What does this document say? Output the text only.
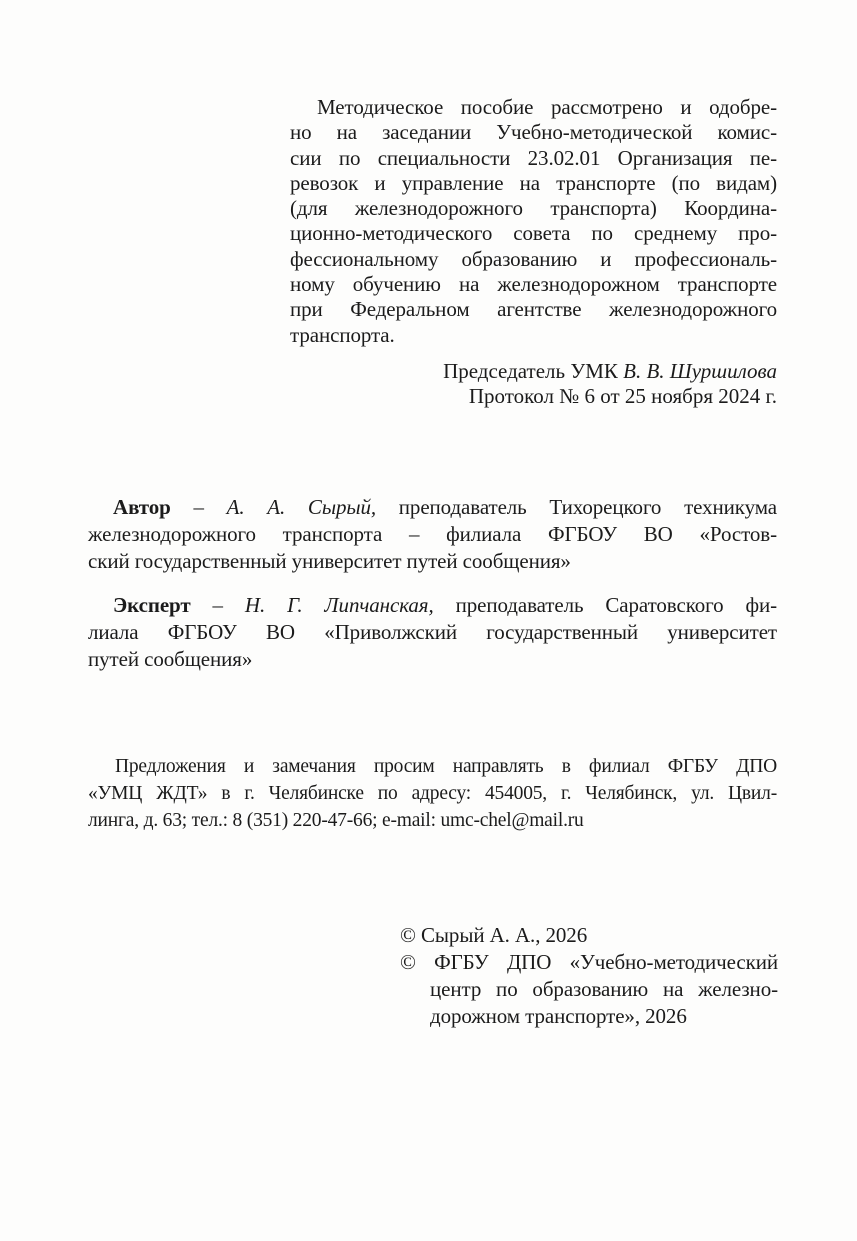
Методическое пособие рассмотрено и одобре-
но на заседании Учебно-методической комис-
сии по специальности 23.02.01 Организация пе-
ревозок и управление на транспорте (по видам)
(для железнодорожного транспорта) Координа-
ционно-методического совета по среднему про-
фессиональному образованию и профессиональ-
ному обучению на железнодорожном транспорте
при Федеральном агентстве железнодорожного
транспорта.
Председатель УМК В. В. Шуршилова
Протокол № 6 от 25 ноября 2024 г.
Автор – А. А. Сырый, преподаватель Тихорецкого техникума
железнодорожного транспорта – филиала ФГБОУ ВО «Ростов-
ский государственный университет путей сообщения»
Эксперт – Н. Г. Липчанская, преподаватель Саратовского фи-
лиала ФГБОУ ВО «Приволжский государственный университет
путей сообщения»
Предложения и замечания просим направлять в филиал ФГБУ ДПО
«УМЦ ЖДТ» в г. Челябинске по адресу: 454005, г. Челябинск, ул. Цвил-
линга, д. 63; тел.: 8 (351) 220-47-66; e-mail: umc-chel@mail.ru
© Сырый А. А., 2026
© ФГБУ ДПО «Учебно-методический
центр по образованию на железно-
дорожном транспорте», 2026
